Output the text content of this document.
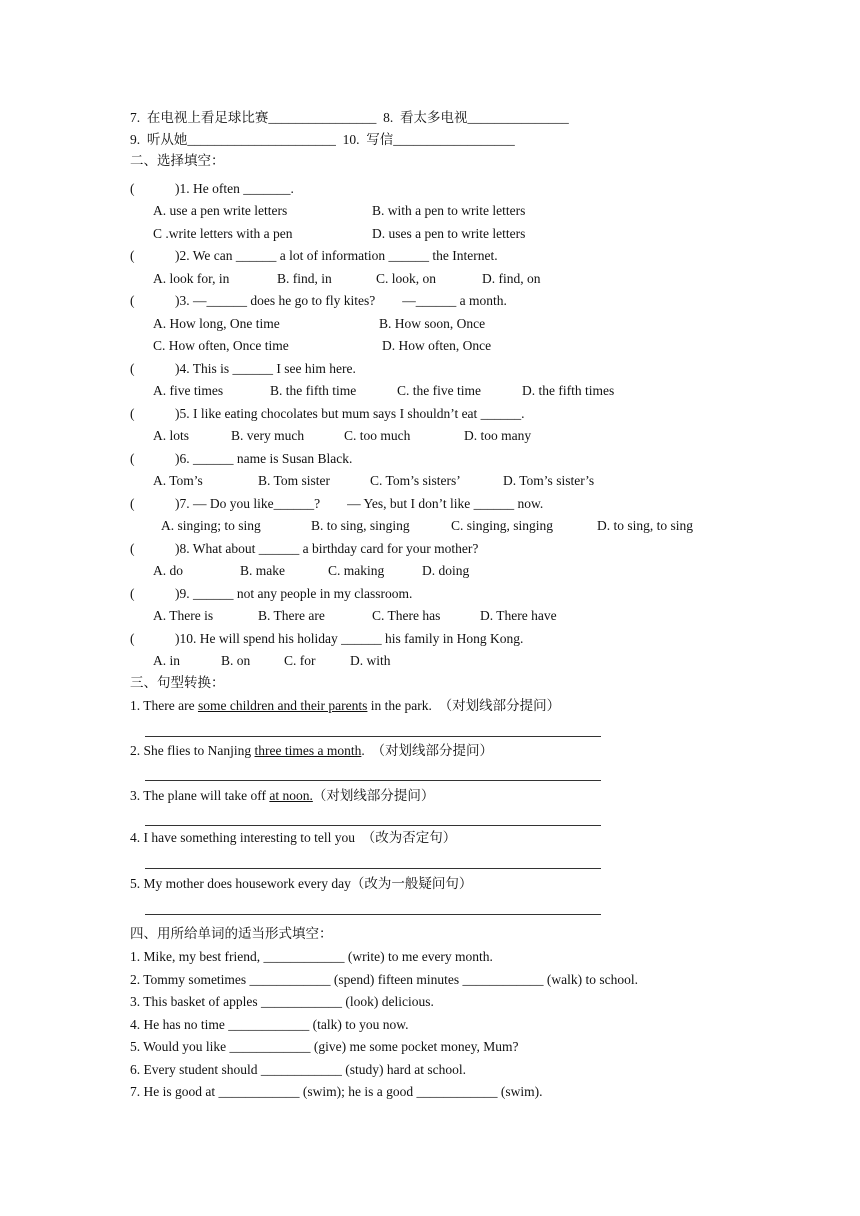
7.  在电视上看足球比赛________________  8.  看太多电视_______________
9.  听从她______________________  10.  写信__________________
二、选择填空：
(            )1. He often _______.
A. use a pen write letters	B. with a pen to write letters
C .write letters with a pen	D. uses a pen to write letters
(            )2. We can ______ a lot of information ______ the Internet.
A. look for, in	B. find, in	C. look, on	D. find, on
(            )3. —______ does he go to fly kites?        —______ a month.
A. How long, One time	B. How soon, Once
C. How often, Once time	D. How often, Once
(            )4. This is ______ I see him here.
A. five times	B. the fifth time	C. the five time	D. the fifth times
(            )5. I like eating chocolates but mum says I shouldn’t eat ______.
A. lots	B. very much	C. too much	D. too many
(            )6. ______ name is Susan Black.
A. Tom’s	B. Tom sister	C. Tom’s sisters’	D. Tom’s sister’s
(            )7. — Do you like______?        — Yes, but I don’t like ______ now.
A. singing; to sing	B. to sing, singing	C. singing, singing	D. to sing, to sing
(            )8. What about ______ a birthday card for your mother?
A. do	B. make	C. making	D. doing
(            )9. ______ not any people in my classroom.
A. There is	B. There are	C. There has	D. There have
(            )10. He will spend his holiday ______ his family in Hong Kong.
A. in	B. on C. for	D. with
三、句型转换：
1. There are some children and their parents in the park.  （对划线部分提问）
2. She flies to Nanjing three times a month.  （对划线部分提问）
3. The plane will take off at noon.（对划线部分提问）
4. I have something interesting to tell you  （改为否定句）
5. My mother does housework every day（改为一般疑问句）
四、用所给单词的适当形式填空：
1. Mike, my best friend, ____________ (write) to me every month.
2. Tommy sometimes ____________ (spend) fifteen minutes ____________ (walk) to school.
3. This basket of apples ____________ (look) delicious.
4. He has no time ____________ (talk) to you now.
5. Would you like ____________ (give) me some pocket money, Mum?
6. Every student should ____________ (study) hard at school.
7. He is good at ____________ (swim); he is a good ____________ (swim).
